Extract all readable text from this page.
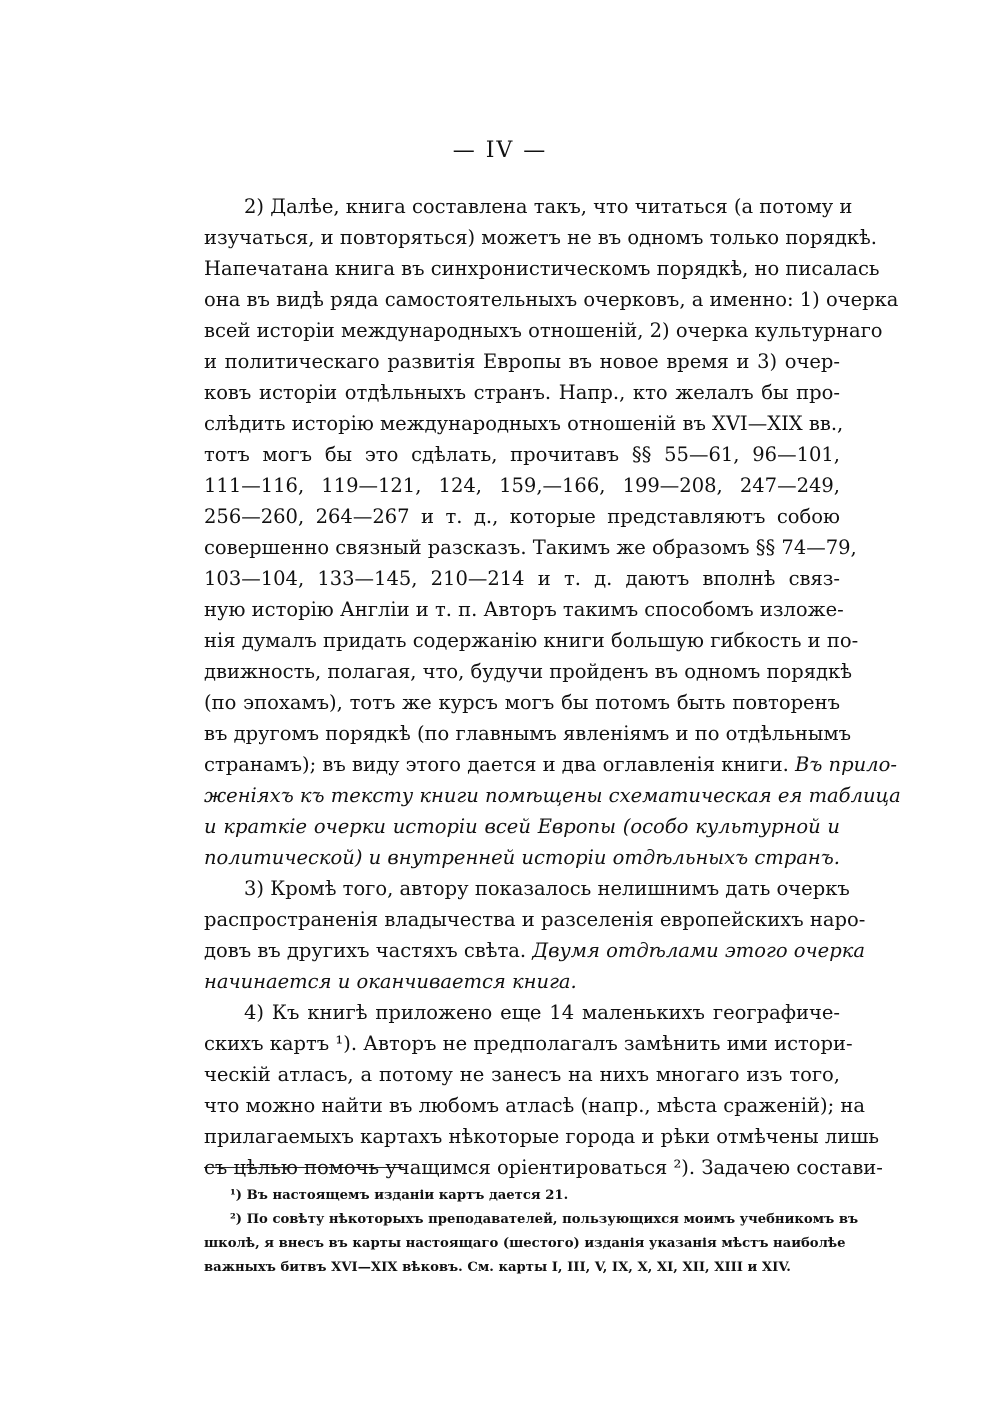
— IV —
2) Далѣе, книга составлена такъ, что читаться (а потому и
изучаться, и повторяться) можетъ не въ одномъ только порядкѣ.
Напечатана книга въ синхронистическомъ порядкѣ, но писалась
она въ видѣ ряда самостоятельныхъ очерковъ, а именно: 1) очерка
всей исторіи международныхъ отношеній, 2) очерка культурнаго
и политическаго развитія Европы въ новое время и 3) очер-
ковъ исторіи отдѣльныхъ странъ. Напр., кто желалъ бы про-
слѣдить исторію международныхъ отношеній въ XVI—XIX вв.,
тотъ могъ бы это сдѣлать, прочитавъ §§ 55—61, 96—101,
111—116, 119—121, 124, 159,—166, 199—208, 247—249,
256—260, 264—267 и т. д., которые представляютъ собою
совершенно связный разсказъ. Такимъ же образомъ §§ 74—79,
103—104, 133—145, 210—214 и т. д. даютъ вполнѣ связ-
ную исторію Англіи и т. п. Авторъ такимъ способомъ изложе-
нія думалъ придать содержанію книги большую гибкость и по-
движность, полагая, что, будучи пройденъ въ одномъ порядкѣ
(по эпохамъ), тотъ же курсъ могъ бы потомъ быть повторенъ
въ другомъ порядкѣ (по главнымъ явленіямъ и по отдѣльнымъ
странамъ); въ виду этого дается и два оглавленія книги. Въ прило-
женіяхъ къ тексту книги помѣщены схематическая ея таблица
и краткіе очерки исторіи всей Европы (особо культурной и
политической) и внутренней исторіи отдѣльныхъ странъ.
3) Кромѣ того, автору показалось нелишнимъ дать очеркъ
распространенія владычества и разселенія европейскихъ наро-
довъ въ другихъ частяхъ свѣта. Двумя отдѣлами этого очерка
начинается и оканчивается книга.
4) Къ книгѣ приложено еще 14 маленькихъ географиче-
скихъ картъ ¹). Авторъ не предполагалъ замѣнить ими истори-
ческій атласъ, а потому не занесъ на нихъ многаго изъ того,
что можно найти въ любомъ атласѣ (напр., мѣста сраженій); на
прилагаемыхъ картахъ нѣкоторые города и рѣки отмѣчены лишь
¹) Въ настоящемъ изданіи картъ дается 21.
²) По совѣту нѣкоторыхъ преподавателей, пользующихся моимъ учебникомъ въ
школѣ, я внесъ въ карты настоящаго (шестого) изданія указанія мѣстъ наиболѣе
важныхъ битвъ XVI—XIX вѣковъ. См. карты I, III, V, IX, X, XI, XII, XIII и XIV.
съ цѣлью помочь учащимся оріентироваться ²). Задачею состави-
